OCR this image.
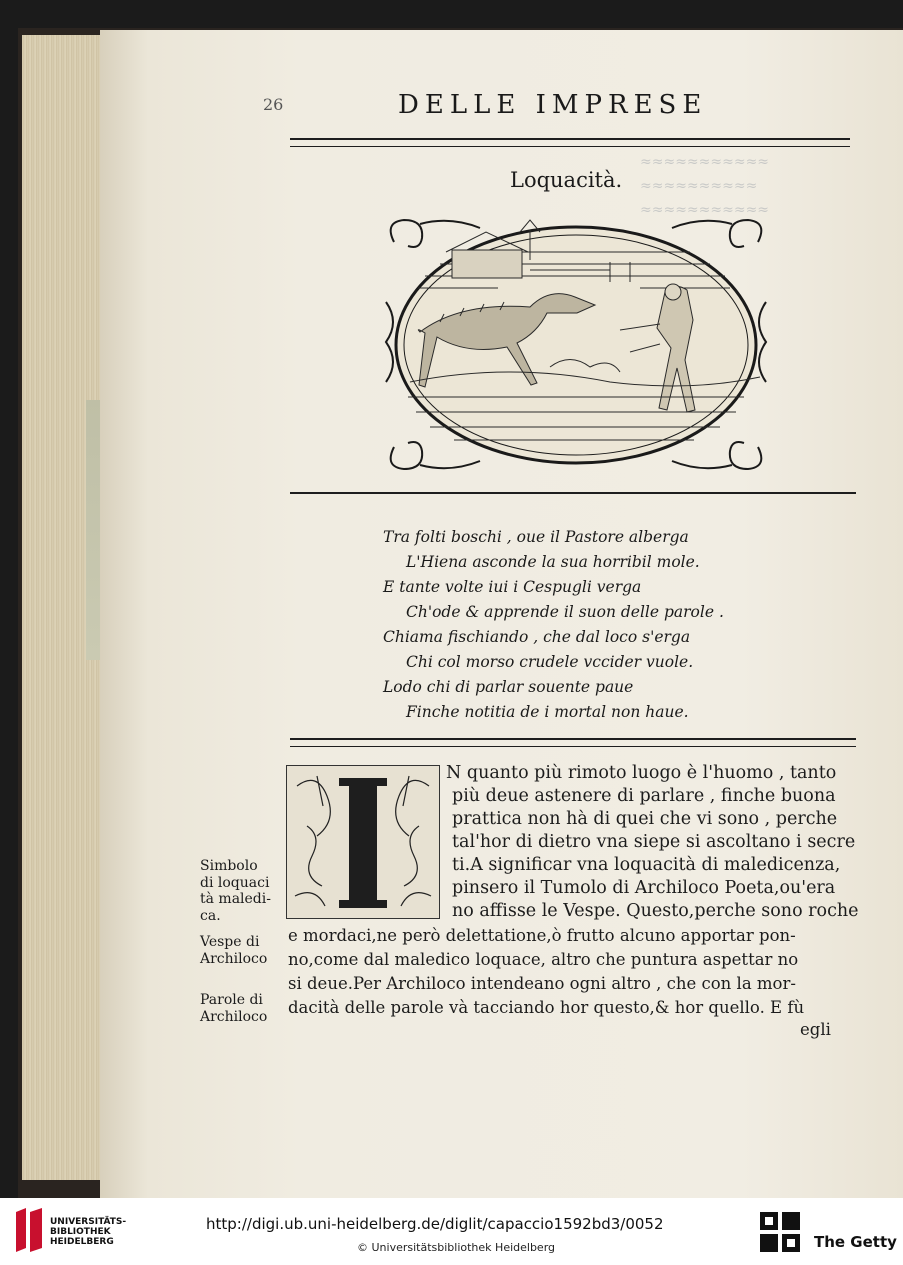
≈≈≈≈≈≈≈≈≈≈≈
≈≈≈≈≈≈≈≈≈≈
≈≈≈≈≈≈≈≈≈≈≈
26	DELLE IMPRESE
Loquacità.
Tra folti boschi , oue il Pastore alberga
L'Hiena asconde la sua horribil mole.
E tante volte iui i Cespugli verga
Ch'ode & apprende il suon delle parole .
Chiama fischiando , che dal loco s'erga
Chi col morso crudele vccider vuole.
Lodo chi di parlar souente paue
Finche notitia de i mortal non haue.
N quanto più rimoto luogo è l'huomo , tanto
più deue astenere di parlare , finche buona
prattica non hà di quei che vi sono , perche
tal'hor di dietro vna siepe si ascoltano i secre
ti.A significar vna loquacità di maledicenza,
pinsero il Tumolo di Archiloco Poeta,ou'era
no affisse le Vespe. Questo,perche sono roche
e mordaci,ne però delettatione,ò frutto alcuno apportar pon-
no,come dal maledico loquace, altro che puntura aspettar no
si deue.Per Archiloco intendeano ogni altro , che con la mor-
dacità delle parole và tacciando hor questo,& hor quello. E fù
egli
Simbolo
di loquaci
tà maledi-
ca.
Vespe di
Archiloco
Parole di
Archiloco
UNIVERSITÄTS-
BIBLIOTHEK
HEIDELBERG
http://digi.ub.uni-heidelberg.de/diglit/capaccio1592bd3/0052
© Universitätsbibliothek Heidelberg	The Getty
